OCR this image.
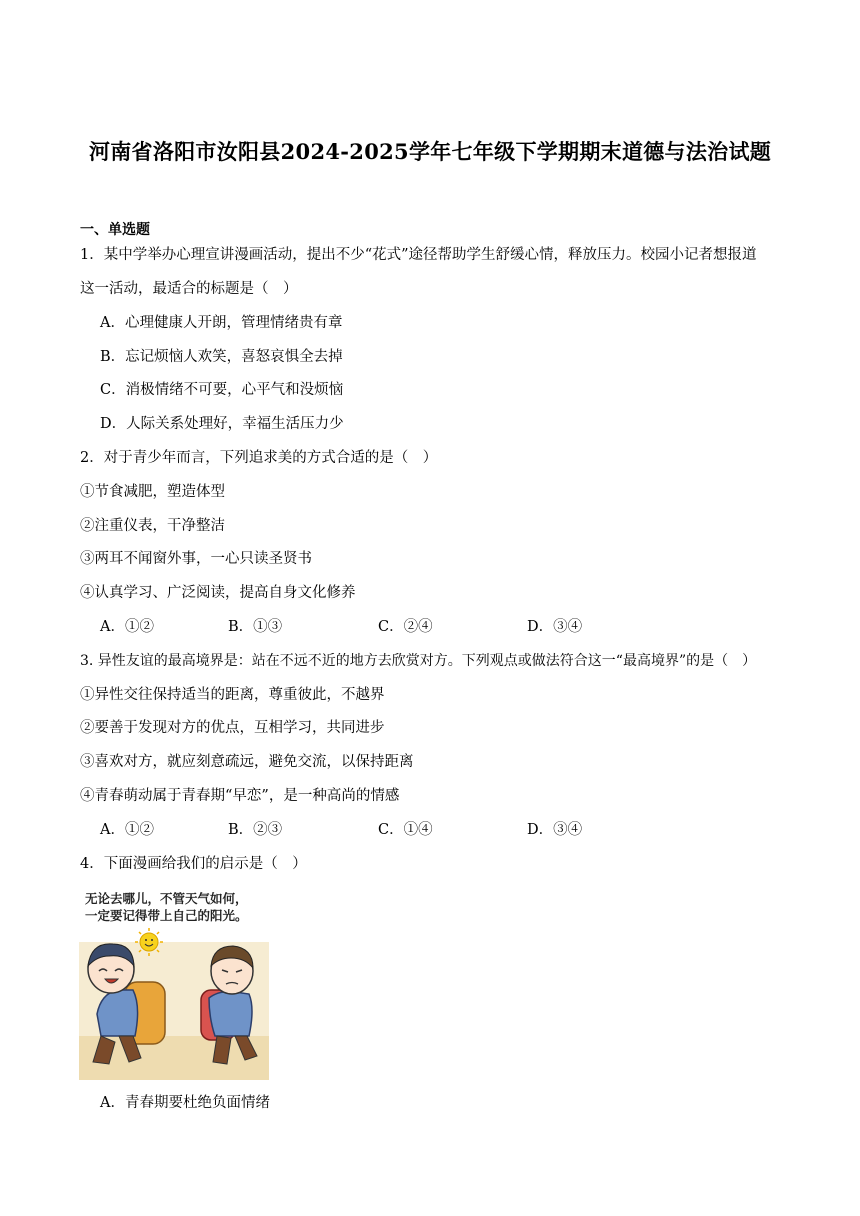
河南省洛阳市汝阳县2024-2025学年七年级下学期期末道德与法治试题
一、单选题
1．某中学举办心理宣讲漫画活动，提出不少“花式”途径帮助学生舒缓心情，释放压力。校园小记者想报道
这一活动，最适合的标题是（　）
A．心理健康人开朗，管理情绪贵有章
B．忘记烦恼人欢笑，喜怒哀惧全去掉
C．消极情绪不可要，心平气和没烦恼
D．人际关系处理好，幸福生活压力少
2．对于青少年而言，下列追求美的方式合适的是（　）
①节食减肥，塑造体型
②注重仪表，干净整洁
③两耳不闻窗外事，一心只读圣贤书
④认真学习、广泛阅读，提高自身文化修养
A．①②	B．①③	C．②④	D．③④
3. 异性友谊的最高境界是：站在不远不近的地方去欣赏对方。下列观点或做法符合这一“最高境界”的是（　）
①异性交往保持适当的距离，尊重彼此，不越界
②要善于发现对方的优点，互相学习，共同进步
③喜欢对方，就应刻意疏远，避免交流，以保持距离
④青春萌动属于青春期“早恋”，是一种高尚的情感
A．①②	B．②③	C．①④	D．③④
4．下面漫画给我们的启示是（　）
无论去哪儿，不管天气如何，
一定要记得带上自己的阳光。
A．青春期要杜绝负面情绪
